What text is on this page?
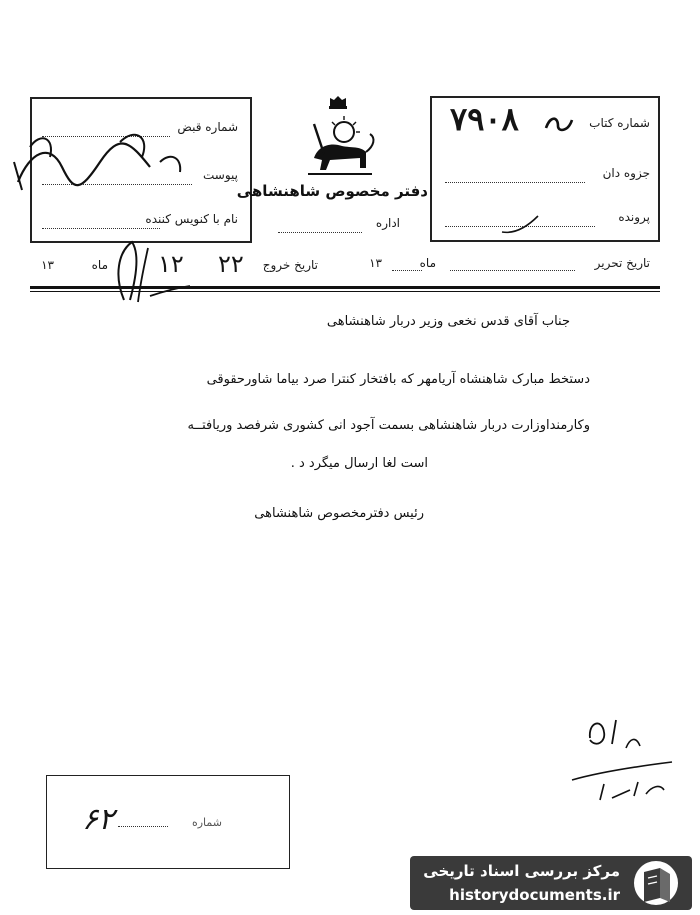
شماره قبض
پیوست
نام با کنویس کننده
دفتر مخصوص شاهنشاهی
اداره
شماره کتاب
۷۹۰۸
جزوه دان
پرونده
تاریخ تحریر
ماه
۱۳
تاریخ خروج
۲۲
۱۲
ماه
۱۳
جناب آقای قدس نخعی وزیر دربار شاهنشاهی
دستخط مبارک شاهنشاه آریامهر که بافتخار کنترا صرد بیاما شاورحقوقی
وکارمنداوزارت دربار شاهنشاهی بسمت آجود انی کشوری شرفصد وریافتــه
است لغا ارسال میگرد د .
رئیس دفترمخصوص شاهنشاهی
۶۲	شماره
مرکز بررسی اسناد تاریخی
historydocuments.ir
